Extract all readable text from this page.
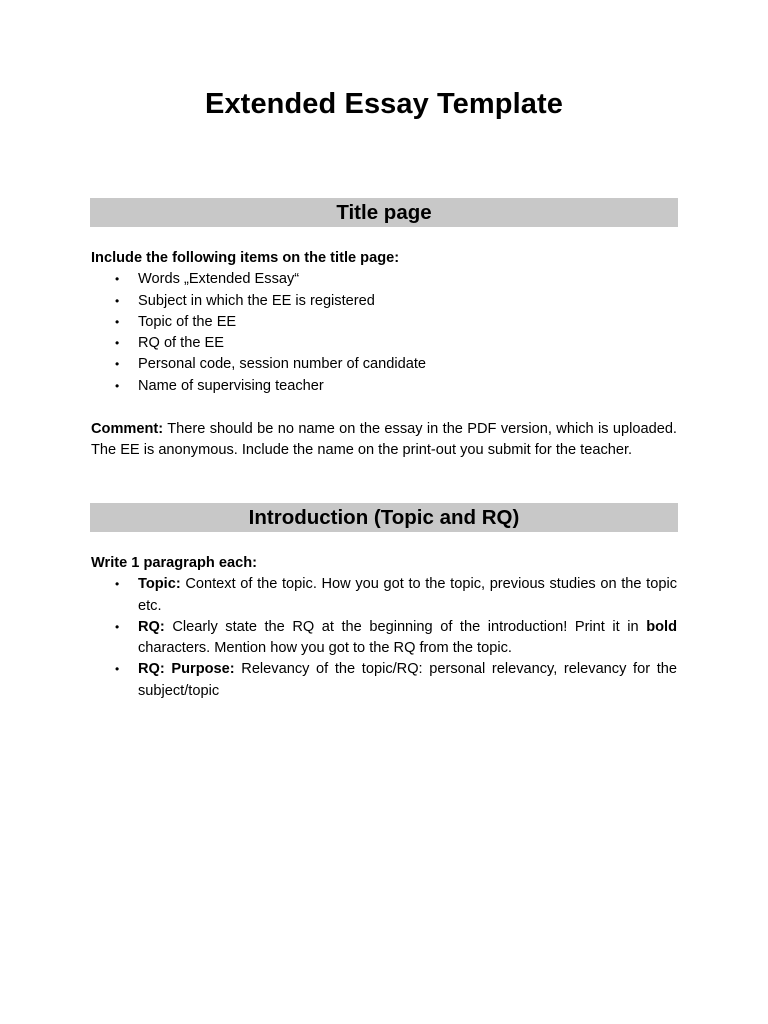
Extended Essay Template
Title page

Include the following items on the title page:

• Words „Extended Essay“
• Subject in which the EE is registered
• Topic of the EE
• RQ of the EE
• Personal code, session number of candidate
• Name of supervising teacher

Comment: There should be no name on the essay in the PDF version, which is uploaded. The EE is anonymous. Include the name on the print-out you submit for the teacher.

Introduction (Topic and RQ)

Write 1 paragraph each:

• Topic: Context of the topic. How you got to the topic, previous studies on the topic etc.
• RQ: Clearly state the RQ at the beginning of the introduction! Print it in bold characters. Mention how you got to the RQ from the topic.
• RQ: Purpose: Relevancy of the topic/RQ: personal relevancy, relevancy for the subject/topic
